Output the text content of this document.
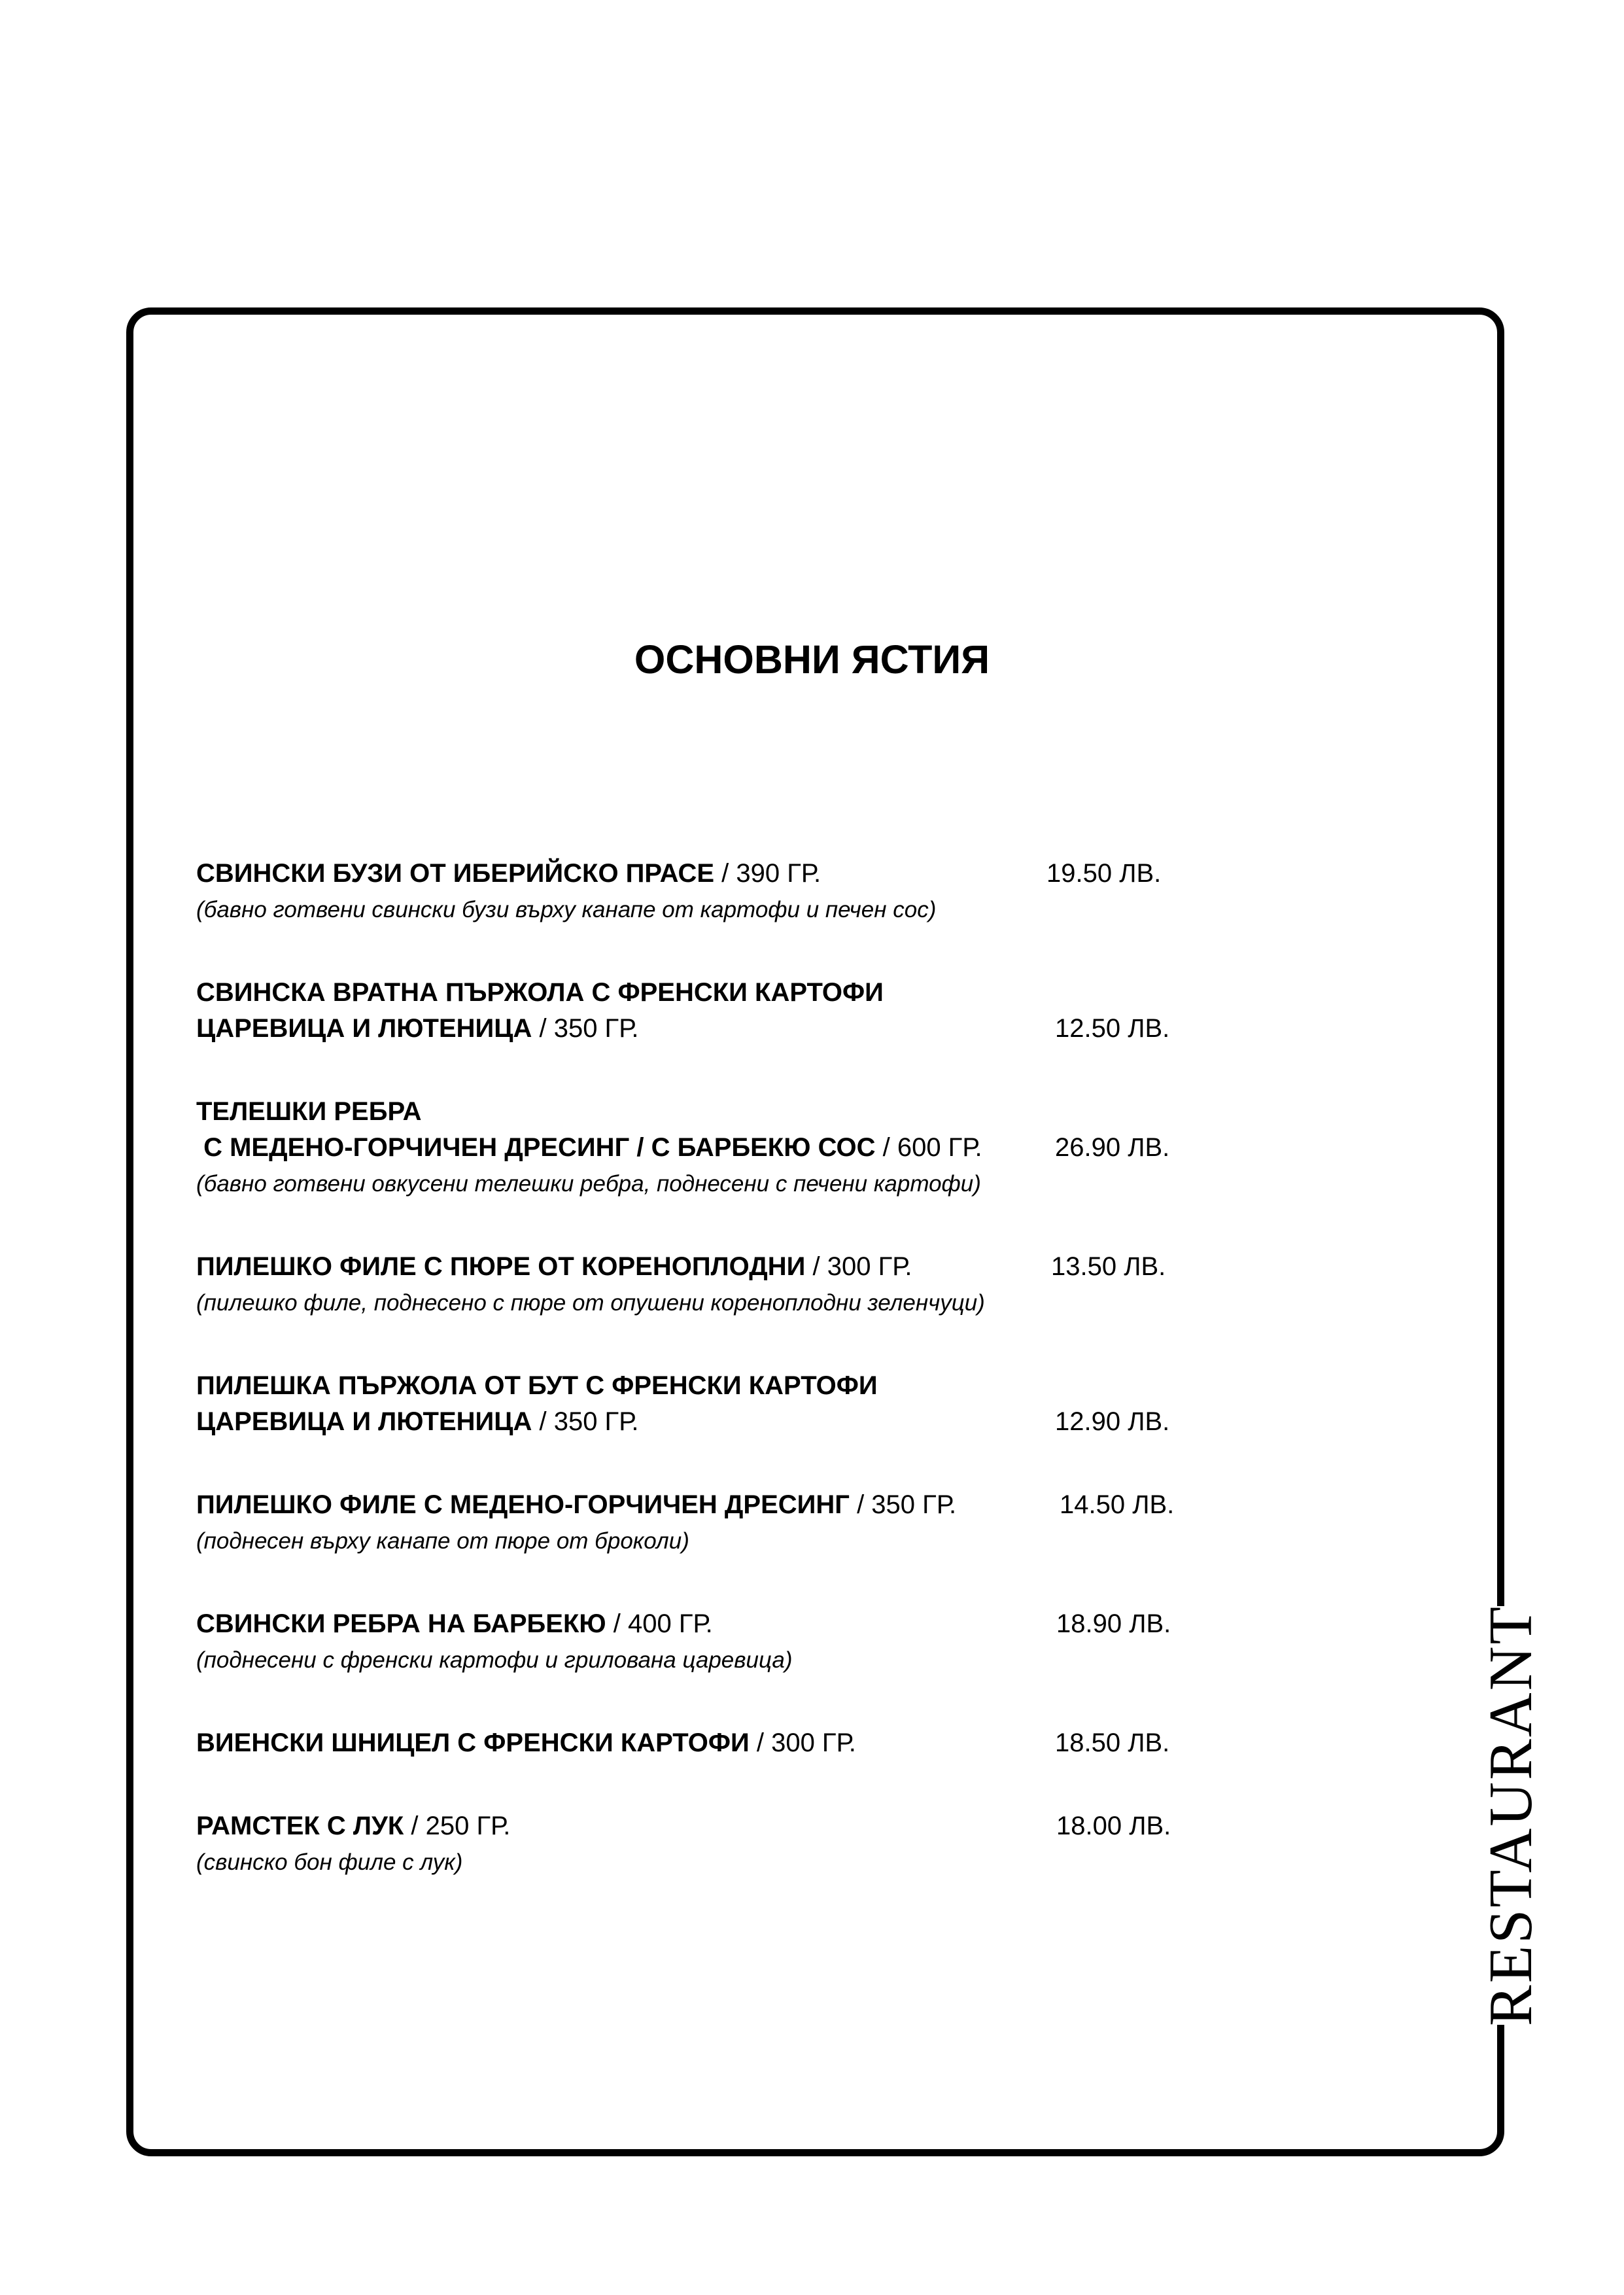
RESTAURANT
ОСНОВНИ ЯСТИЯ
СВИНСКИ БУЗИ ОТ ИБЕРИЙСКО ПРАСЕ / 390 ГР.	19.50 ЛВ.
(бавно готвени свински бузи върху канапе от картофи и печен сос)
СВИНСКА ВРАТНА ПЪРЖОЛА С ФРЕНСКИ КАРТОФИ
ЦАРЕВИЦА И ЛЮТЕНИЦА / 350 ГР.	12.50 ЛВ.
ТЕЛЕШКИ РЕБРА
С МЕДЕНО-ГОРЧИЧЕН ДРЕСИНГ / С БАРБЕКЮ СОС / 600 ГР.	26.90 ЛВ.
(бавно готвени овкусени телешки ребра, поднесени с печени картофи)
ПИЛЕШКО ФИЛЕ С ПЮРЕ ОТ КОРЕНОПЛОДНИ / 300 ГР.	13.50 ЛВ.
(пилешко филе, поднесено с пюре от опушени кореноплодни зеленчуци)
ПИЛЕШКА ПЪРЖОЛА ОТ БУТ С ФРЕНСКИ КАРТОФИ
ЦАРЕВИЦА И ЛЮТЕНИЦА / 350 ГР.	12.90 ЛВ.
ПИЛЕШКО ФИЛЕ С МЕДЕНО-ГОРЧИЧЕН ДРЕСИНГ / 350 ГР.	14.50 ЛВ.
(поднесен върху канапе от пюре от броколи)
СВИНСКИ РЕБРА НА БАРБЕКЮ / 400 ГР.	18.90 ЛВ.
(поднесени с френски картофи и грилована царевица)
ВИЕНСКИ ШНИЦЕЛ С ФРЕНСКИ КАРТОФИ / 300 ГР.	18.50 ЛВ.
РАМСТЕК С ЛУК / 250 ГР.	18.00 ЛВ.
(свинско бон филе с лук)
